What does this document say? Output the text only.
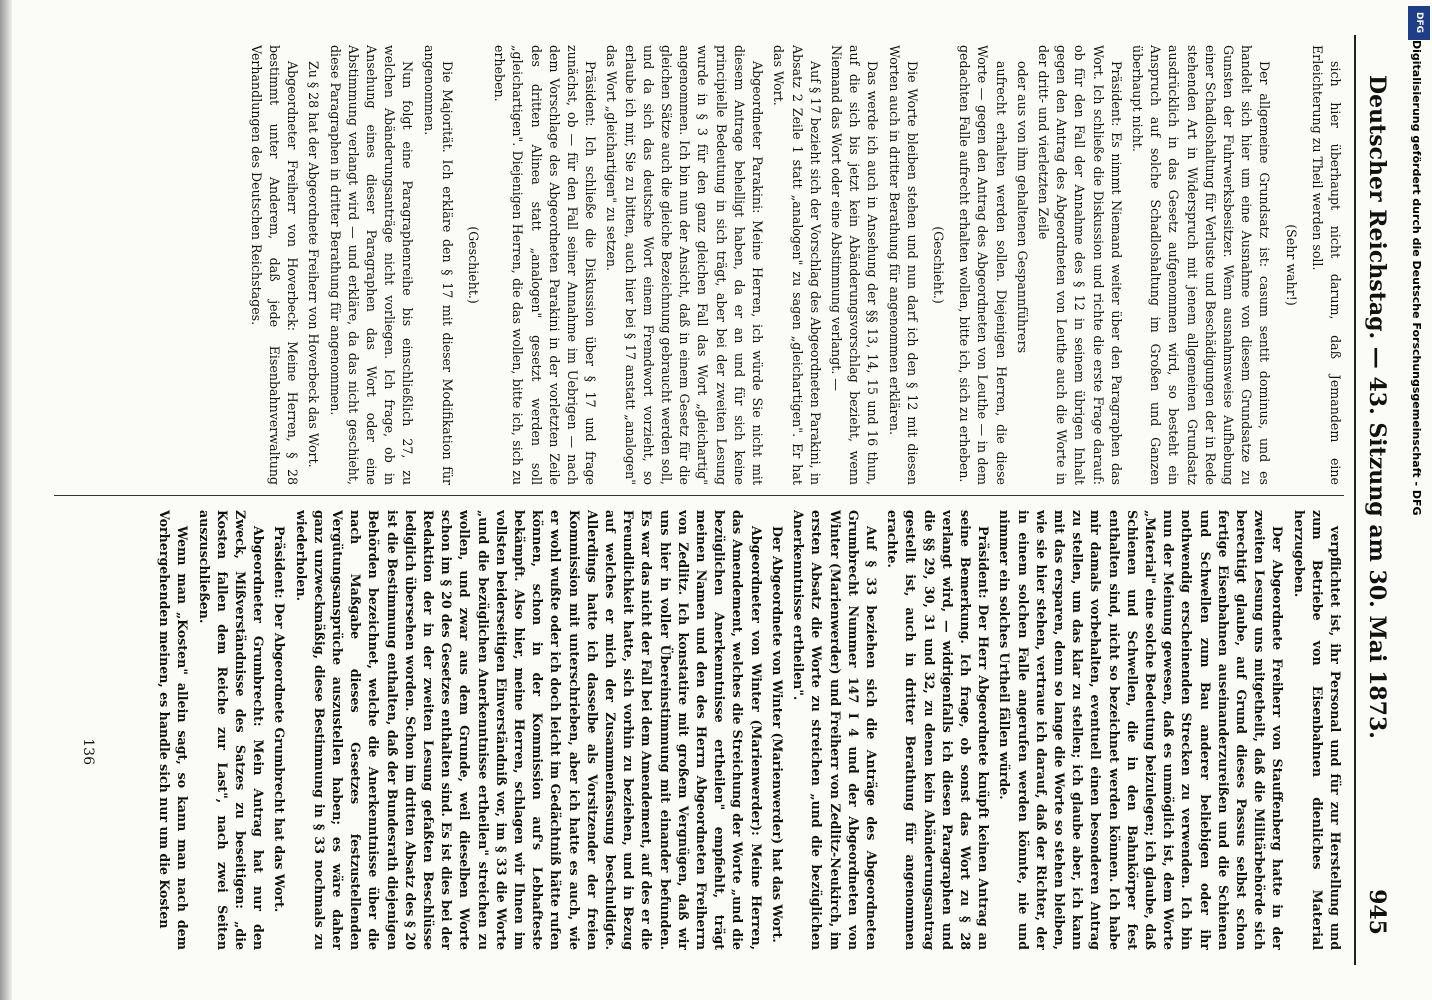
Deutscher Reichstag. — 43. Sitzung am 30. Mai 1873.
945

sich hier überhaupt nicht darum, daß Jemandem eine Erleichterung zu Theil werden soll.

(Sehr wahr!)

Der allgemeine Grundsatz ist: casum sentit dominus, und es handelt sich hier um eine Ausnahme von diesem Grundsatze zu Gunsten der Fuhrwerksbesitzer. Wenn ausnahmsweise Aufhebung einer Schadloshaltung für Verluste und Beschädigungen der in Rede stehenden Art in Widerspruch mit jenem allgemeinen Grundsatz ausdrücklich in das Gesetz aufgenommen wird, so besteht ein Anspruch auf solche Schadloshaltung im Großen und Ganzen überhaupt nicht.

Präsident: Es nimmt Niemand weiter über den Paragraphen das Wort. Ich schließe die Diskussion und richte die erste Frage darauf: ob für den Fall der Annahme des § 12 in seinem übrigen Inhalt gegen den Antrag des Abgeordneten von Leuthe auch die Worte in der dritt- und vierletzten Zeile

oder aus von ihm gehaltenen Gespannführers

aufrecht erhalten werden sollen. Diejenigen Herren, die diese Worte — gegen den Antrag des Abgeordneten von Leuthe — in dem gedachten Falle aufrecht erhalten wollen, bitte ich, sich zu erheben.

(Geschieht.)

Die Worte bleiben stehen und nun darf ich den § 12 mit diesen Worten auch in dritter Berathung für angenommen erklären.

Das werde ich auch in Ansehung der §§ 13, 14, 15 und 16 thun, auf die sich bis jetzt kein Abänderungsvorschlag bezieht, wenn Niemand das Wort oder eine Abstimmung verlangt. —

Auf § 17 bezieht sich der Vorschlag des Abgeordneten Parakini, in Absatz 2 Zeile 1 statt „analogen" zu sagen „gleichartigen". Er hat das Wort.

Abgeordneter Parakini: Meine Herren, ich würde Sie nicht mit diesem Antrage behelligt haben, da er an und für sich keine principielle Bedeutung in sich trägt, aber bei der zweiten Lesung wurde in § 3 für den ganz gleichen Fall das Wort „gleichartig" angenommen. Ich bin nun der Ansicht, daß in einem Gesetz für die gleichen Sätze auch die gleiche Bezeichnung gebraucht werden soll, und da sich das deutsche Wort einem Fremdwort vorzieht, so erlaube ich mir, Sie zu bitten, auch hier bei § 17 anstatt „analogen" das Wort „gleichartigen" zu setzen.

Präsident: Ich schließe die Diskussion über § 17 und frage zunächst, ob — für den Fall seiner Annahme im Uebrigen — nach dem Vorschlage des Abgeordneten Parakini in der vorletzten Zeile des dritten Alinea statt „analogen" gesetzt werden soll „gleichartigen". Diejenigen Herren, die das wollen, bitte ich, sich zu erheben.

(Geschieht.)

Die Majorität. Ich erkläre den § 17 mit dieser Modifikation für angenommen.

Nun folgt eine Paragraphenreihe bis einschließlich 27, zu welchen Abänderungsanträge nicht vorliegen. Ich frage, ob in Ansehung eines dieser Paragraphen das Wort oder eine Abstimmung verlangt wird — und erkläre, da das nicht geschieht, diese Paragraphen in dritter Berathung für angenommen.

Zu § 28 hat der Abgeordnete Freiherr von Hoverbeck das Wort.

Abgeordneter Freiherr von Hoverbeck: Meine Herren, § 28 bestimmt unter Anderem, daß jede Eisenbahnverwaltung Verhandlungen des Deutschen Reichstages.

verpflichtet ist, ihr Personal und für zur Herstellung und zum Betriebe von Eisenbahnen dienliches Material herzugeben.

Der Abgeordnete Freiherr von Stauffenberg hatte in der zweiten Lesung uns mitgetheilt, daß die Militärbehörde sich berechtigt glaube, auf Grund dieses Passus selbst schon fertige Eisenbahnen auseinanderzureißen und die Schienen und Schwellen zum Bau anderer beliebigen oder ihr nothwendig erscheinenden Strecken zu verwenden. Ich bin nun der Meinung gewesen, daß es unmöglich ist, dem Worte „Material" eine solche Bedeutung beizulegen; ich glaube, daß Schienen und Schwellen, die in den Bahnkörper fest enthalten sind, nicht so bezeichnet werden können. Ich habe mir damals vorbehalten, eventuell einen besonderen Antrag zu stellen, um das klar zu stellen; ich glaube aber, ich kann mit das ersparen, denn so lange die Worte so stehen bleiben, wie sie hier stehen, vertraue ich darauf, daß der Richter, der in einem solchen Falle angerufen werden könnte, nie und nimmer ein solches Urtheil fällen würde.

Präsident: Der Herr Abgeordnete knüpft keinen Antrag an seine Bemerkung. Ich frage, ob sonst das Wort zu § 28 verlangt wird, — widrigenfalls ich diesen Paragraphen und die §§ 29, 30, 31 und 32, zu denen kein Abänderungsantrag gestellt ist, auch in dritter Berathung für angenommen erachte.

Auf § 33 beziehen sich die Anträge des Abgeordneten Grumbrecht Nummer 147 I 4 und der Abgeordneten von Winter (Marienwerder) und Freiherr von Zedlitz-Neukirch, im ersten Absatz die Worte zu streichen „und die bezüglichen Anerkenntnisse ertheilen".

Der Abgeordnete von Winter (Marienwerder) hat das Wort.

Abgeordneter von Winter (Marienwerder): Meine Herren, das Amendement, welches die Streichung der Worte „und die bezüglichen Anerkenntnisse ertheilen" empfiehlt, trägt meinen Namen und den des Herrn Abgeordneten Freiherrn von Zedlitz. Ich konstatire mit großem Vergnügen, daß wir uns hier in voller Übereinstimmung mit einander befunden. Es war das nicht der Fall bei dem Amendement, auf des er die Freundlichkeit hatte, sich vorhin zu beziehen, und in Bezug auf welches er mich der Zusammenfassung beschuldigte. Allerdings hatte ich dasselbe als Vorsitzender der freien Kommission mit unterschrieben, aber ich hatte es auch, wie er wohl wußte oder ich doch leicht im Gedächtniß hätte rufen können, schon in der Kommission auf's Lebhafteste bekämpft. Also hier, meine Herren, schlagen wir Ihnen im vollsten beiderseitigen Einverständniß vor, im § 33 die Worte „und die bezüglichen Anerkenntnisse ertheilen" streichen zu wollen, und zwar aus dem Grunde, weil dieselben Worte schon im § 20 des Gesetzes enthalten sind. Es ist dies bei der Redaktion der in der zweiten Lesung gefaßten Beschlüsse lediglich übersehen worden. Schon im dritten Absatz des § 20 ist die Bestimmung enthalten, daß der Bundesrath diejenigen Behörden bezeichnet, welche die Anerkenntnisse über die nach Maßgabe dieses Gesetzes festzustellenden Vergütungsansprüche auszustellen haben; es wäre daher ganz unzweckmäßig, diese Bestimmung in § 33 nochmals zu wiederholen.

Präsident: Der Abgeordnete Grumbrecht hat das Wort.

Abgeordneter Grumbrecht: Mein Antrag hat nur den Zweck, Mißverständnisse des Satzes zu beseitigen: „die Kosten fallen dem Reiche zur Last", nach zwei Seiten auszuschließen.

Wenn man „Kosten" allein sagt, so kann man nach dem Vorhergehenden meinen, es handle sich nur um die Kosten

136
Digitalisierung gefördert durch die Deutsche Forschungsgemeinschaft - DFG
DFG
